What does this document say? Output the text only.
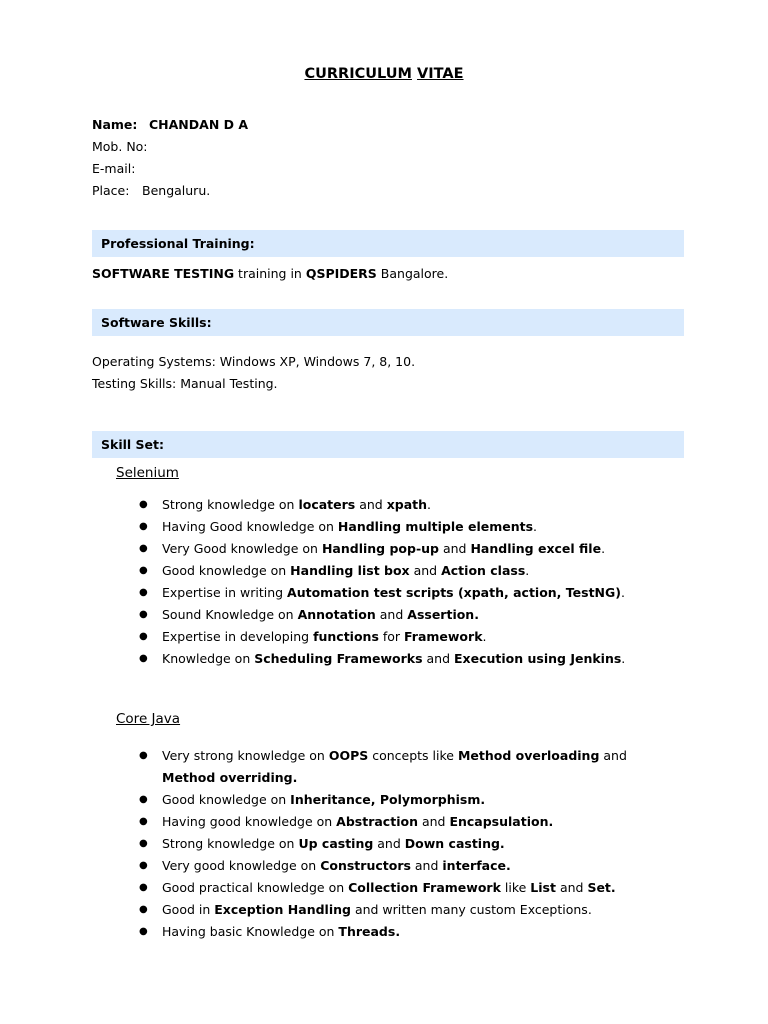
CURRICULUM VITAE
Name: CHANDAN D A
Mob. No:
E-mail:
Place: Bengaluru.
Professional Training:
SOFTWARE TESTING training in QSPIDERS Bangalore.
Software Skills:
Operating Systems: Windows XP, Windows 7, 8, 10.
Testing Skills: Manual Testing.
Skill Set:
Selenium
● Strong knowledge on locaters and xpath.
● Having Good knowledge on Handling multiple elements.
● Very Good knowledge on Handling pop-up and Handling excel file.
● Good knowledge on Handling list box and Action class.
● Expertise in writing Automation test scripts (xpath, action, TestNG).
● Sound Knowledge on Annotation and Assertion.
● Expertise in developing functions for Framework.
● Knowledge on Scheduling Frameworks and Execution using Jenkins.
Core Java
● Very strong knowledge on OOPS concepts like Method overloading and Method overriding.
● Good knowledge on Inheritance, Polymorphism.
● Having good knowledge on Abstraction and Encapsulation.
● Strong knowledge on Up casting and Down casting.
● Very good knowledge on Constructors and interface.
● Good practical knowledge on Collection Framework like List and Set.
● Good in Exception Handling and written many custom Exceptions.
● Having basic Knowledge on Threads.
